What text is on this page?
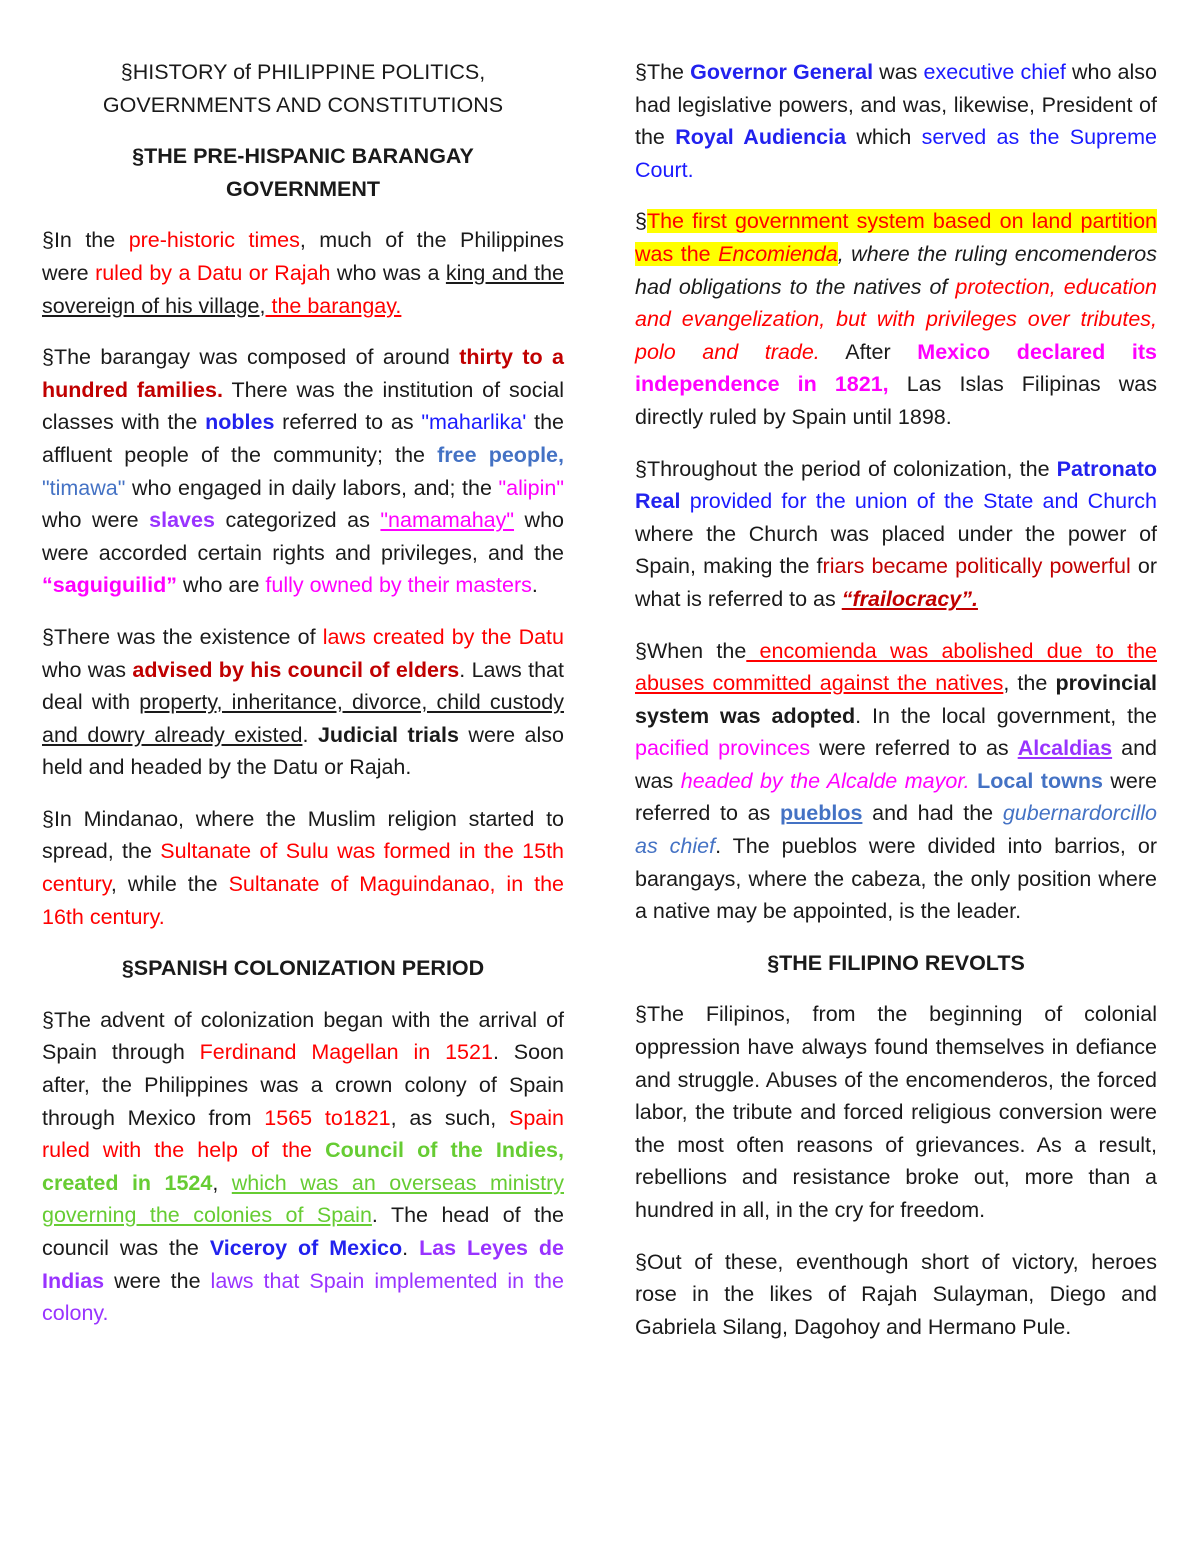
§HISTORY of PHILIPPINE POLITICS,
GOVERNMENTS AND CONSTITUTIONS

§THE PRE-HISPANIC BARANGAY
GOVERNMENT

§In the pre-historic times, much of the Philippines were ruled by a Datu or Rajah who was a king and the sovereign of his village, the barangay.

§The barangay was composed of around thirty to a hundred families. There was the institution of social classes with the nobles referred to as "maharlika' the affluent people of the community; the free people, "timawa" who engaged in daily labors, and; the "alipin" who were slaves categorized as "namamahay" who were accorded certain rights and privileges, and the “saguiguilid” who are fully owned by their masters.

§There was the existence of laws created by the Datu who was advised by his council of elders. Laws that deal with property, inheritance, divorce, child custody and dowry already existed. Judicial trials were also held and headed by the Datu or Rajah.

§In Mindanao, where the Muslim religion started to spread, the Sultanate of Sulu was formed in the 15th century, while the Sultanate of Maguindanao, in the 16th century.

§SPANISH COLONIZATION PERIOD

§The advent of colonization began with the arrival of Spain through Ferdinand Magellan in 1521. Soon after, the Philippines was a crown colony of Spain through Mexico from 1565 to1821, as such, Spain ruled with the help of the Council of the Indies, created in 1524, which was an overseas ministry governing the colonies of Spain. The head of the council was the Viceroy of Mexico. Las Leyes de Indias were the laws that Spain implemented in the colony.

§The Governor General was executive chief who also had legislative powers, and was, likewise, President of the Royal Audiencia which served as the Supreme Court.

§The first government system based on land partition was the Encomienda, where the ruling encomenderos had obligations to the natives of protection, education and evangelization, but with privileges over tributes, polo and trade. After Mexico declared its independence in 1821, Las Islas Filipinas was directly ruled by Spain until 1898.

§Throughout the period of colonization, the Patronato Real provided for the union of the State and Church where the Church was placed under the power of Spain, making the friars became politically powerful or what is referred to as “frailocracy”.

§When the encomienda was abolished due to the abuses committed against the natives, the provincial system was adopted. In the local government, the pacified provinces were referred to as Alcaldias and was headed by the Alcalde mayor. Local towns were referred to as pueblos and had the gubernardorcillo as chief. The pueblos were divided into barrios, or barangays, where the cabeza, the only position where a native may be appointed, is the leader.

§THE FILIPINO REVOLTS

§The Filipinos, from the beginning of colonial oppression have always found themselves in defiance and struggle. Abuses of the encomenderos, the forced labor, the tribute and forced religious conversion were the most often reasons of grievances. As a result, rebellions and resistance broke out, more than a hundred in all, in the cry for freedom.

§Out of these, eventhough short of victory, heroes rose in the likes of Rajah Sulayman, Diego and Gabriela Silang, Dagohoy and Hermano Pule.
